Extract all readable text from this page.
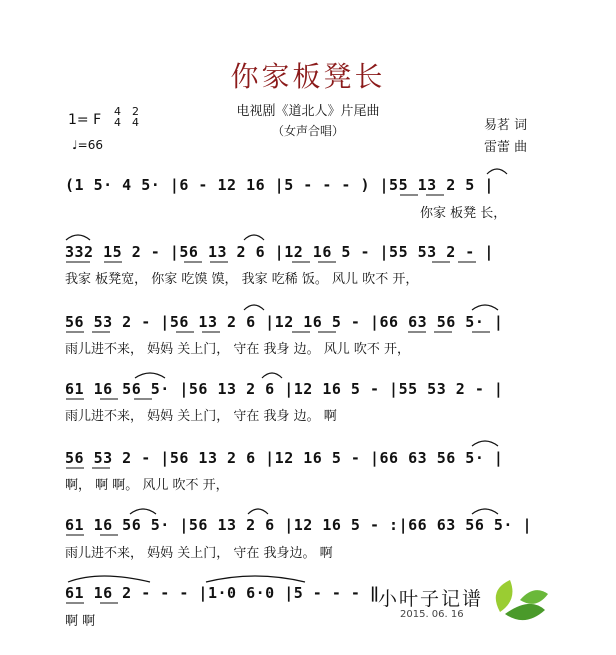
你家板凳长
电视剧《道北人》片尾曲
（女声合唱）
1= F
4
4
2
4
♩=66
易茗 词
雷蕾 曲
(1 5· 4 5· |6 - 12 16 |5 - - - ) |55 13 2 5 |
你家 板凳 长，
332 15 2 - |56 13 2 6 |12 16 5 - |55 53 2 - |
我家 板凳宽， 你家 吃馍 馍， 我家 吃稀 饭。 风儿 吹不 开，
56 53 2 - |56 13 2 6 |12 16 5 - |66 63 56 5· |
雨儿进不来， 妈妈 关上门， 守在 我身 边。 风儿 吹不 开，
61 16 56 5· |56 13 2 6 |12 16 5 - |55 53 2 - |
雨儿进不来， 妈妈 关上门， 守在 我身 边。 啊
56 53 2 - |56 13 2 6 |12 16 5 - |66 63 56 5· |
啊， 啊 啊。 风儿 吹不 开，
61 16 56 5· |56 13 2 6 |12 16 5 - :|66 63 56 5· |
雨儿进不来， 妈妈 关上门， 守在 我身边。 啊
61 16 2 - - - |1·0 6·0 |5 - - - ‖
啊 啊
小叶子记谱
2015. 06. 16
